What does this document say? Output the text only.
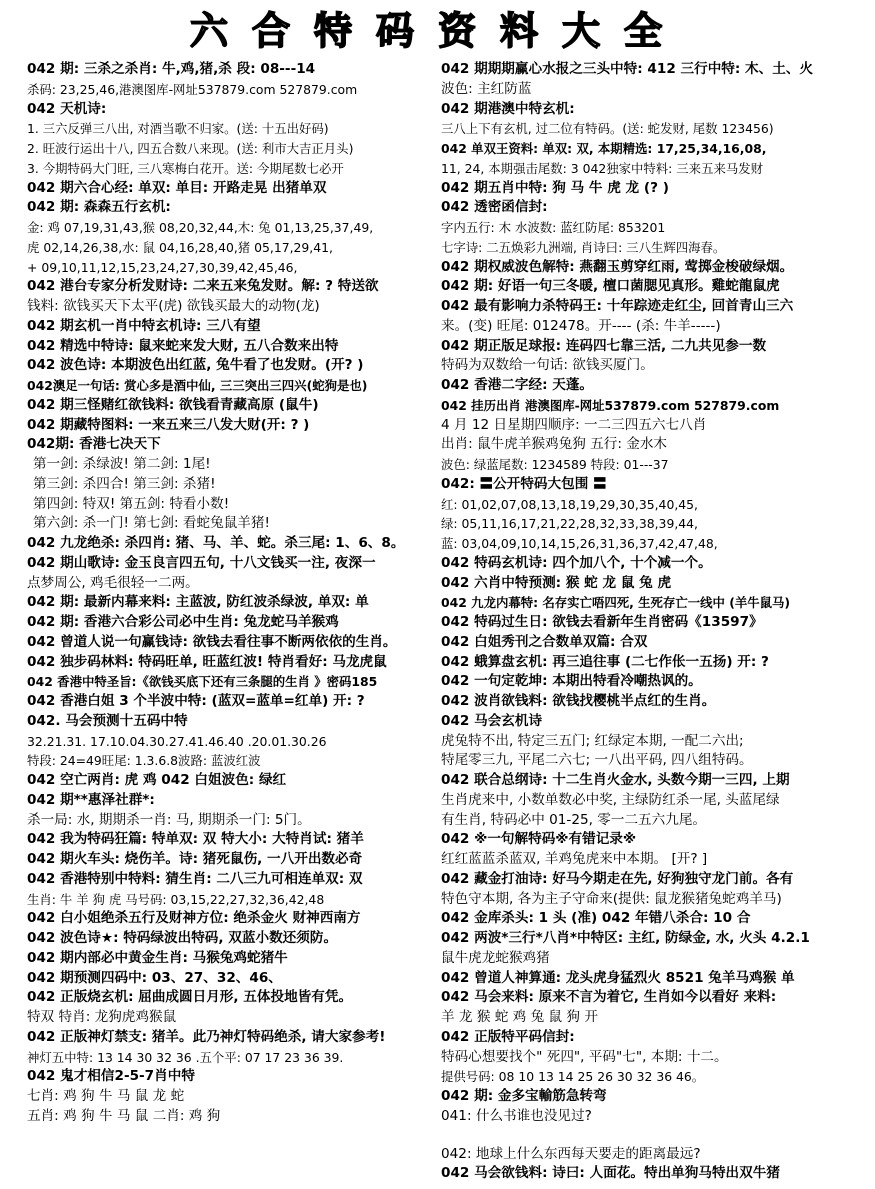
六合特码资料大全
042 期: 三杀之杀肖: 牛,鸡,猪,杀 段: 08---14
杀码: 23,25,46,港澳图库-网址537879.com 527879.com
042 天机诗:
1. 三六反弹三八出, 对酒当歌不归家。(送: 十五出好码)
2. 旺波行运出十八, 四五合数八来现。(送: 利市大吉正月头)
3. 今期特码大门旺, 三八寒梅白花开。送: 今期尾数七必开
042 期六合心经: 单双: 单目: 开路走晃 出猪单双
042 期: 森森五行玄机:
金: 鸡 07,19,31,43,猴 08,20,32,44,木: 兔 01,13,25,37,49,
虎 02,14,26,38,水: 鼠 04,16,28,40,猪 05,17,29,41,
+ 09,10,11,12,15,23,24,27,30,39,42,45,46,
042 港台专家分析发财诗: 二来五来兔发财。解: ? 特送欲
钱料: 欲钱买天下太平(虎) 欲钱买最大的动物(龙)
042 期玄机一肖中特玄机诗: 三八有望
042 精选中特诗: 鼠来蛇来发大财, 五八合数来出特
042 波色诗: 本期波色出红蓝, 兔牛看了也发财。(开? )
042澳足一句话: 赏心多是酒中仙, 三三突出三四兴(蛇狗是也)
042 期三怪赌红欲钱料: 欲钱看青藏高原 (鼠牛)
042 期藏特图料: 一来五来三八发大财(开: ? )
042期: 香港七决天下
第一剑: 杀绿波! 第二剑: 1尾!
第三剑: 杀四合! 第三剑: 杀猪!
第四剑: 特双! 第五剑: 特看小数!
第六剑: 杀一门! 第七剑: 看蛇兔鼠羊猪!
042 九龙绝杀: 杀四肖: 猪、马、羊、蛇。杀三尾: 1、6、8。
042 期山歌诗: 金玉良言四五句, 十八文钱买一注, 夜深一
点梦周公, 鸡毛很轻一二两。
042 期: 最新内幕来料: 主蓝波, 防红波杀绿波, 单双: 单
042 期: 香港六合彩公司必中生肖: 兔龙蛇马羊猴鸡
042 曾道人说一句赢钱诗: 欲钱去看往事不断两依依的生肖。
042 独步码林料: 特码旺单, 旺蓝红波! 特肖看好: 马龙虎鼠
042 香港中特圣旨:《欲钱买底下还有三条腿的生肖 》密码185
042 香港白姐 3 个半波中特: (蓝双=蓝单=红单) 开: ?
042. 马会预测十五码中特
32.21.31. 17.10.04.30.27.41.46.40 .20.01.30.26
特段: 24=49旺尾: 1.3.6.8波路: 蓝波红波
042 空亡两肖: 虎 鸡 042 白姐波色: 绿红
042 期**惠泽社群*:
杀一局: 水, 期期杀一肖: 马, 期期杀一门: 5门。
042 我为特码狂篇: 特单双: 双 特大小: 大特肖试: 猪羊
042 期火车头: 烧伤羊。诗: 猪死鼠伤, 一八开出数必奇
042 香港特别中特料: 猜生肖: 二八三九可相连单双: 双
生肖: 牛 羊 狗 虎 马号码: 03,15,22,27,32,36,42,48
042 白小姐绝杀五行及财神方位: 绝杀金火 财神西南方
042 波色诗★: 特码绿波出特码, 双蓝小数还须防。
042 期内部必中黄金生肖: 马猴兔鸡蛇猪牛
042 期预测四码中: 03、27、32、46、
042 正版烧玄机: 屈曲成圆日月形, 五体投地皆有凭。
特双 特肖: 龙狗虎鸡猴鼠
042 正版神灯禁支: 猪羊。此乃神灯特码绝杀, 请大家参考!
神灯五中特: 13 14 30 32 36 .五个平: 07 17 23 36 39.
042 鬼才相信2-5-7肖中特
七肖: 鸡 狗 牛 马 鼠 龙 蛇
五肖: 鸡 狗 牛 马 鼠 二肖: 鸡 狗
042 期期期赢心水报之三头中特: 412 三行中特: 木、土、火
波色: 主红防蓝
042 期港澳中特玄机:
三八上下有玄机, 过二位有特码。(送: 蛇发财, 尾数 123456)
042 单双王资料: 单双: 双, 本期精选: 17,25,34,16,08,
11, 24, 本期强击尾数: 3 042独家中特料: 三来五来马发财
042 期五肖中特: 狗 马 牛 虎 龙 (? )
042 透密函信封:
字内五行: 木 水波数: 蓝红防尾: 853201
七字诗: 二五焕彩九洲端, 肖诗曰: 三八生辉四海春。
042 期权威波色解特: 燕翻玉剪穿红雨, 莺掷金梭破绿烟。
042 期: 好语一句三冬暖, 檀口菌腮见真形。雞蛇龍鼠虎
042 最有影响力杀特码王: 十年踪迹走红尘, 回首青山三六
来。(变) 旺尾: 012478。开---- (杀: 牛羊-----)
042 期正版足球报: 连码四七靠三活, 二九共见参一数
特码为双数给一句话: 欲钱买厦门。
042 香港二字经: 天蓬。
042 挂历出肖 港澳图库-网址537879.com 527879.com
4 月 12 日星期四顺序: 一二三四五六七八肖
出肖: 鼠牛虎羊猴鸡兔狗 五行: 金水木
波色: 绿蓝尾数: 1234589 特段: 01---37
042: 〓公开特码大包围 〓
红: 01,02,07,08,13,18,19,29,30,35,40,45,
绿: 05,11,16,17,21,22,28,32,33,38,39,44,
蓝: 03,04,09,10,14,15,26,31,36,37,42,47,48,
042 特码玄机诗: 四个加八个, 十个减一个。
042 六肖中特预测: 猴 蛇 龙 鼠 兔 虎
042 九龙内幕特: 名存实亡唔四死, 生死存亡一线中 (羊牛鼠马)
042 特码过生日: 欲钱去看新年生肖密码《13597》
042 白姐秀刊之合数单双篇: 合双
042 蛾算盘玄机: 再三追往事 (二七作伥一五扬) 开: ?
042 一句定乾坤: 本期出特看冷嘲热讽的。
042 波肖欲钱料: 欲钱找樱桃半点红的生肖。
042 马会玄机诗
虎兔特不出, 特定三五门; 红绿定本期, 一配二六出;
特尾零三九, 平尾二六七; 一八出平码, 四八组特码。
042 联合总纲诗: 十二生肖火金水, 头数今期一三四, 上期
生肖虎来中, 小数单数必中奖, 主绿防红杀一尾, 头蓝尾绿
有生肖, 特码必中 01-25, 零一二五六九尾。
042 ※一句解特码※有错记录※
红红蓝蓝杀蓝双, 羊鸡兔虎来中本期。 [开? ]
042 藏金打油诗: 好马今期走在先, 好狗独守龙门前。各有
特色守本期, 各为主子守命来(提供: 鼠龙猴猪兔蛇鸡羊马)
042 金库杀头: 1 头 (准) 042 年错八杀合: 10 合
042 两波*三行*八肖*中特区: 主红, 防绿金, 水, 火头 4.2.1
鼠牛虎龙蛇猴鸡猪
042 曾道人神算通: 龙头虎身猛烈火 8521 兔羊马鸡猴 单
042 马会来料: 原来不言为着它, 生肖如今以看好 来料:
羊 龙 猴 蛇 鸡 兔 鼠 狗 开
042 正版特平码信封:
特码心想要找个" 死四", 平码"七", 本期: 十二。
提供号码: 08 10 13 14 25 26 30 32 36 46。
042 期: 金多宝輸筋急转弯
041: 什么书谁也没见过?
042: 地球上什么东西每天要走的距离最远?
042 马会欲钱料: 诗曰: 人面花。特出单狗马特出双牛猪
